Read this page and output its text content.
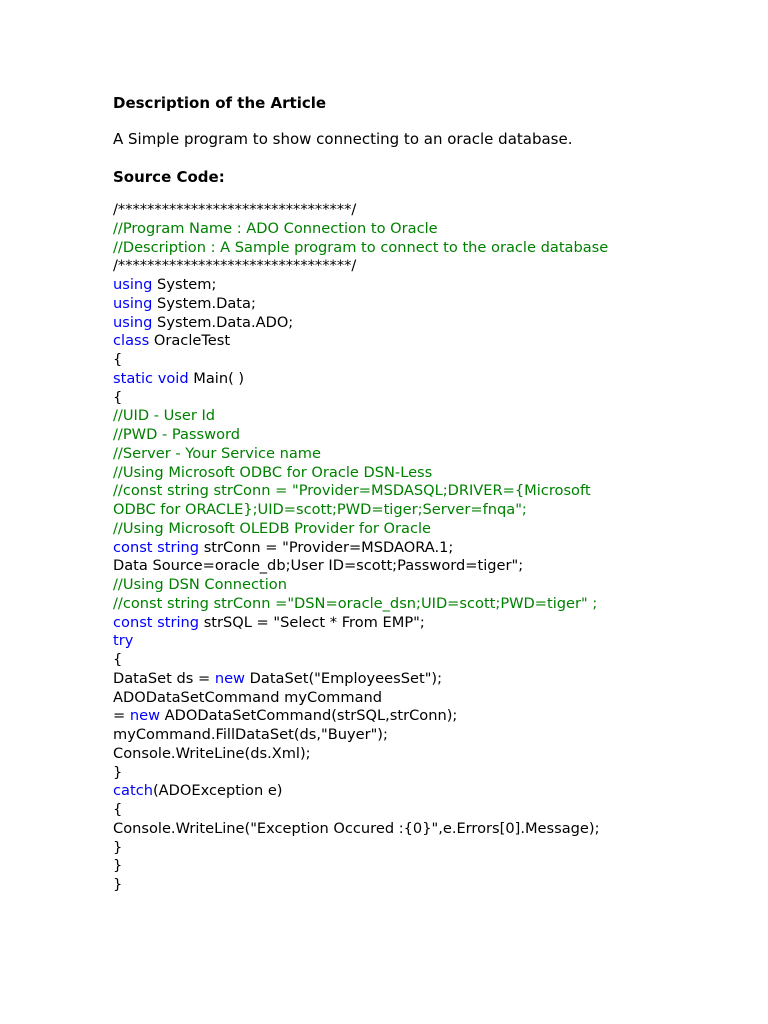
Description of the Article
A Simple program to show connecting to an oracle database.
Source Code:
/********************************/
//Program Name : ADO Connection to Oracle
//Description : A Sample program to connect to the oracle database
/********************************/
using System;
using System.Data;
using System.Data.ADO;
class OracleTest
{
static void Main( )
{
//UID - User Id
//PWD - Password
//Server - Your Service name
//Using Microsoft ODBC for Oracle DSN-Less
//const string strConn = "Provider=MSDASQL;DRIVER={Microsoft
ODBC for ORACLE};UID=scott;PWD=tiger;Server=fnqa";
//Using Microsoft OLEDB Provider for Oracle
const string strConn = "Provider=MSDAORA.1;
Data Source=oracle_db;User ID=scott;Password=tiger";
//Using DSN Connection
//const string strConn ="DSN=oracle_dsn;UID=scott;PWD=tiger" ;
const string strSQL = "Select * From EMP";
try
{
DataSet ds = new DataSet("EmployeesSet");
ADODataSetCommand myCommand
= new ADODataSetCommand(strSQL,strConn);
myCommand.FillDataSet(ds,"Buyer");
Console.WriteLine(ds.Xml);
}
catch(ADOException e)
{
Console.WriteLine("Exception Occured :{0}",e.Errors[0].Message);
}
}
}
